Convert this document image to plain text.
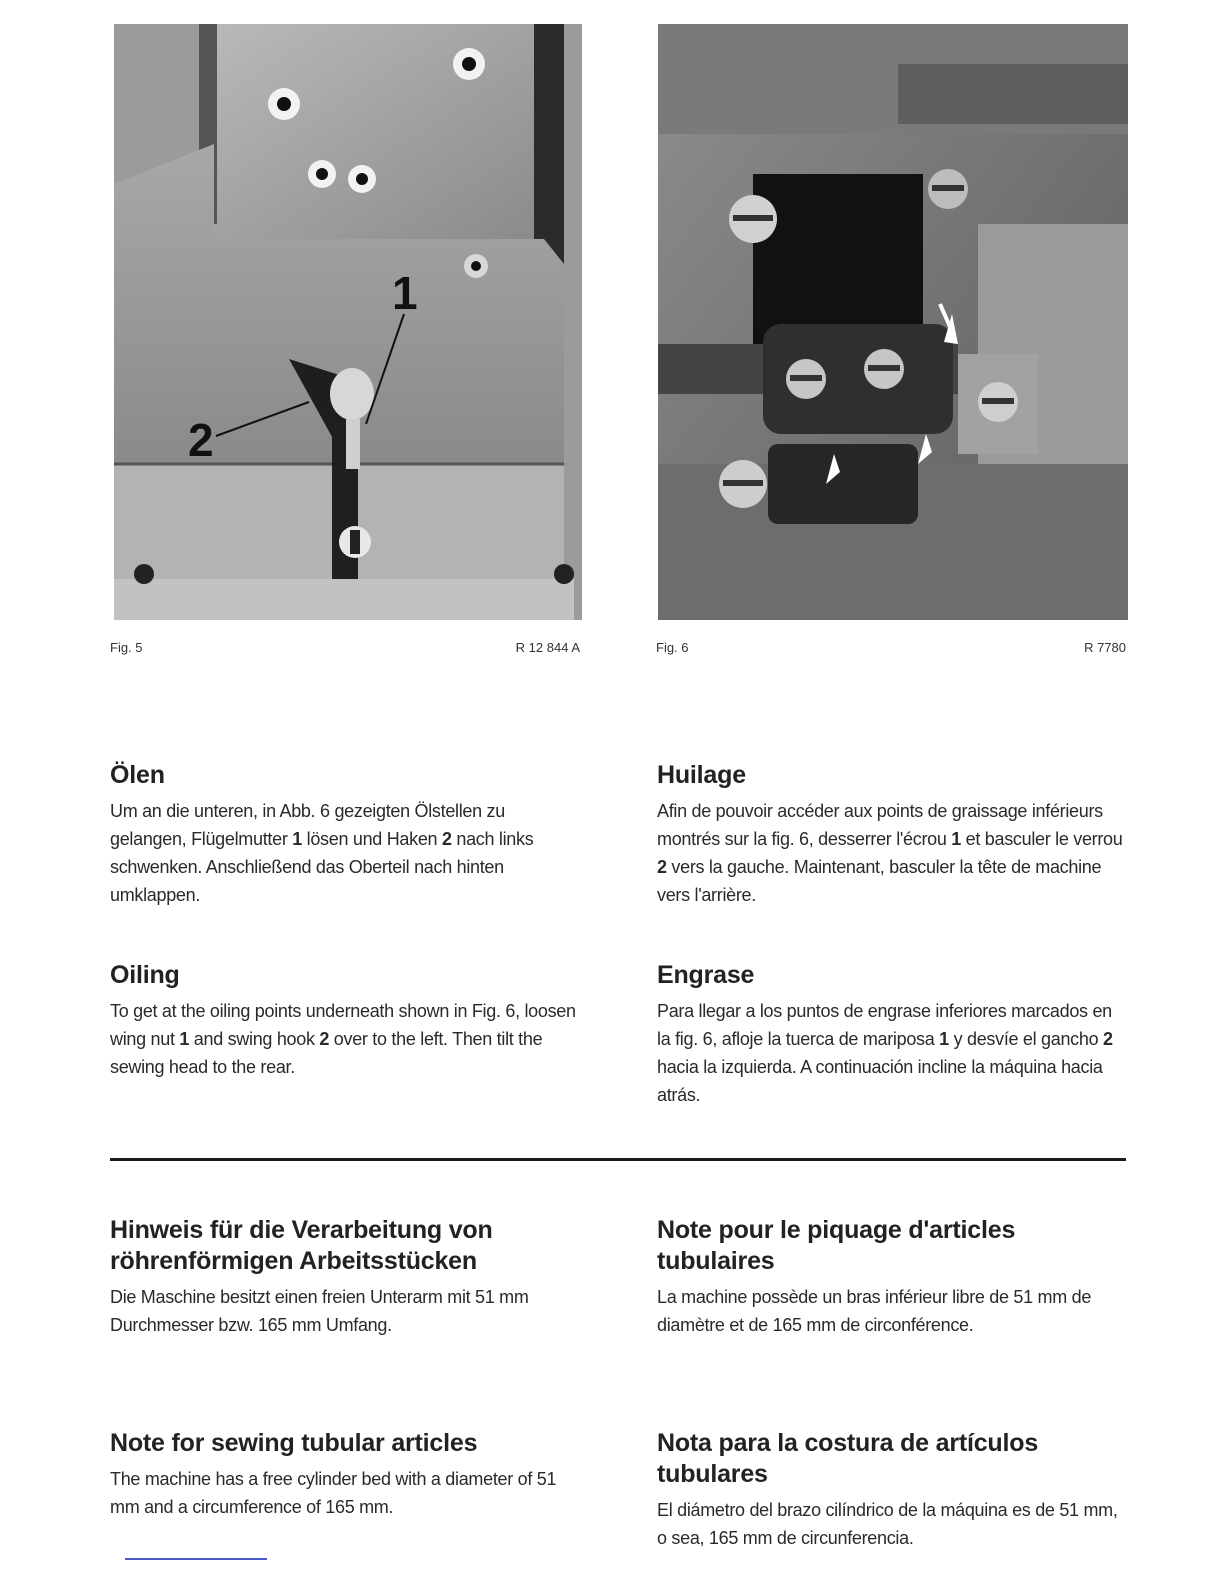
1
2
Fig. 5	R 12 844 A	Fig. 6	R 7780
Ölen

Um an die unteren, in Abb. 6 gezeigten Ölstellen zu gelangen, Flügelmutter 1 lösen und Haken 2 nach links schwenken. Anschließend das Oberteil nach hinten umklappen.

Huilage

Afin de pouvoir accéder aux points de graissage inférieurs montrés sur la fig. 6, desserrer l'écrou 1 et basculer le verrou 2 vers la gauche. Maintenant, basculer la tête de machine vers l'arrière.

Oiling

To get at the oiling points underneath shown in Fig. 6, loosen wing nut 1 and swing hook 2 over to the left. Then tilt the sewing head to the rear.

Engrase

Para llegar a los puntos de engrase inferiores marcados en la fig. 6, afloje la tuerca de mariposa 1 y desvíe el gancho 2 hacia la izquierda. A continuación incline la máquina hacia atrás.

Hinweis für die Verarbeitung von röhrenförmigen Arbeitsstücken

Die Maschine besitzt einen freien Unterarm mit 51 mm Durchmesser bzw. 165 mm Umfang.

Note pour le piquage d'articles tubulaires

La machine possède un bras inférieur libre de 51 mm de diamètre et de 165 mm de circonférence.

Note for sewing tubular articles

The machine has a free cylinder bed with a diameter of 51 mm and a circumference of 165 mm.

Nota para la costura de artículos tubulares

El diámetro del brazo cilíndrico de la máquina es de 51 mm, o sea, 165 mm de circunferencia.
